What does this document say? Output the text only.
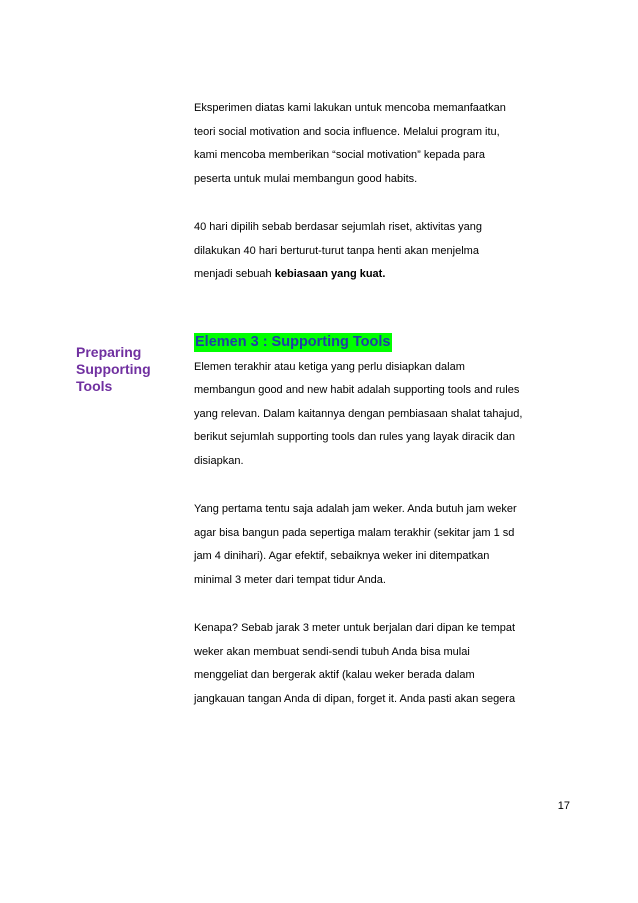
Preparing
Supporting
Tools

Eksperimen diatas kami lakukan untuk mencoba memanfaatkan
teori social motivation and socia influence. Melalui program itu,
kami mencoba memberikan “social motivation” kepada para
peserta untuk mulai membangun good habits.

40 hari dipilih sebab berdasar sejumlah riset, aktivitas yang
dilakukan 40 hari berturut-turut tanpa henti akan menjelma
menjadi sebuah kebiasaan yang kuat.

Elemen 3 : Supporting Tools

Elemen terakhir atau ketiga yang perlu disiapkan dalam
membangun good and new habit adalah supporting tools and rules
yang relevan. Dalam kaitannya dengan pembiasaan shalat tahajud,
berikut sejumlah supporting tools dan rules yang layak diracik dan
disiapkan.

Yang pertama tentu saja adalah jam weker. Anda butuh jam weker
agar bisa bangun pada sepertiga malam terakhir (sekitar jam 1 sd
jam 4 dinihari). Agar efektif, sebaiknya weker ini ditempatkan
minimal 3 meter dari tempat tidur Anda.

Kenapa? Sebab jarak 3 meter untuk berjalan dari dipan ke tempat
weker akan membuat sendi-sendi tubuh Anda bisa mulai
menggeliat dan bergerak aktif (kalau weker berada dalam
jangkauan tangan Anda di dipan, forget it. Anda pasti akan segera

17
